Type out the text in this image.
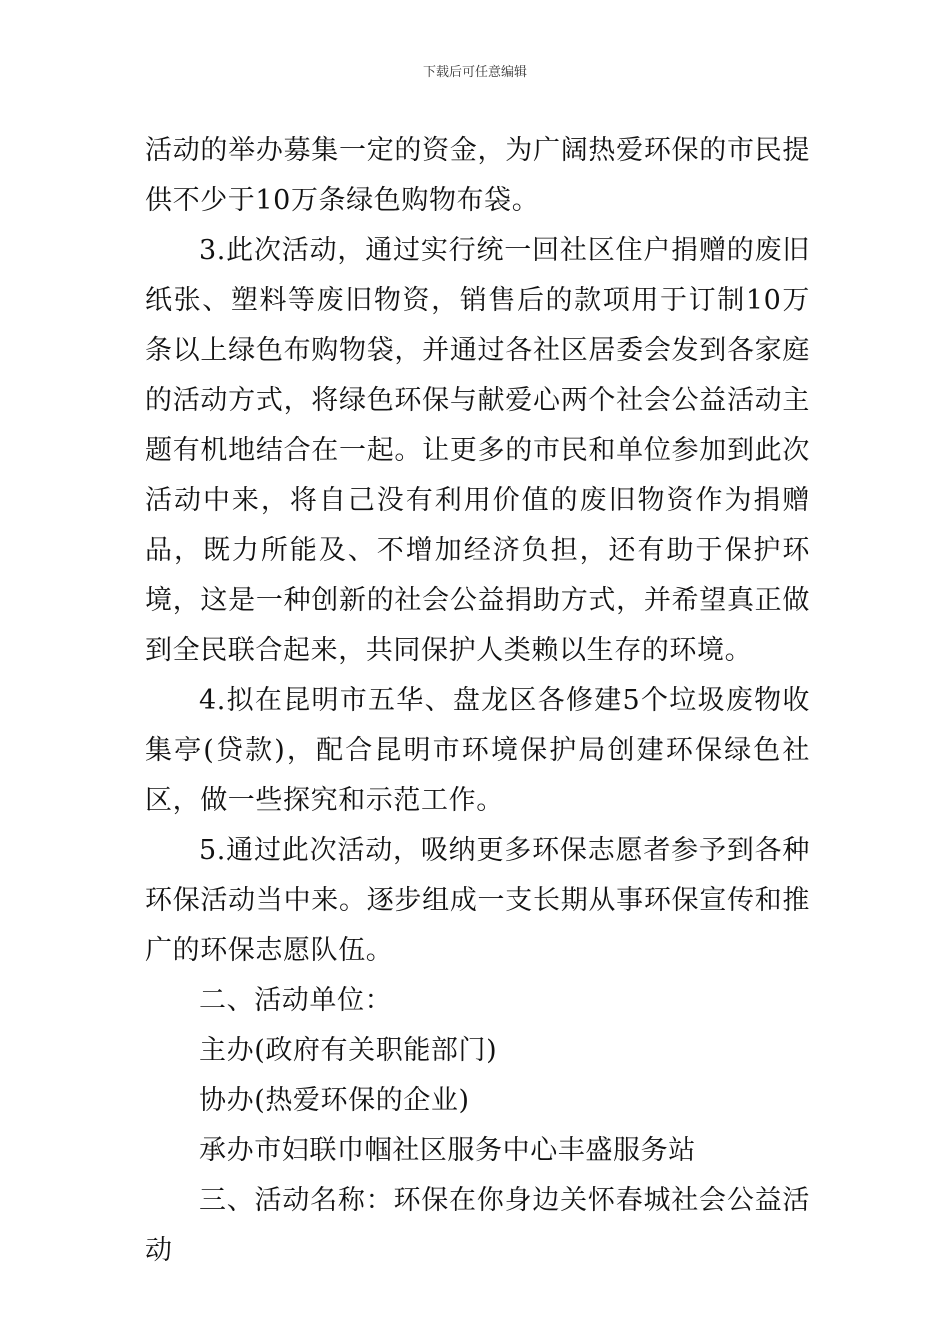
下载后可任意编辑

活动的举办募集一定的资金，为广阔热爱环保的市民提供不少于10万条绿色购物布袋。

3.此次活动，通过实行统一回社区住户捐赠的废旧纸张、塑料等废旧物资，销售后的款项用于订制10万条以上绿色布购物袋，并通过各社区居委会发到各家庭的活动方式，将绿色环保与献爱心两个社会公益活动主题有机地结合在一起。让更多的市民和单位参加到此次活动中来，将自己没有利用价值的废旧物资作为捐赠品，既力所能及、不增加经济负担，还有助于保护环境，这是一种创新的社会公益捐助方式，并希望真正做到全民联合起来，共同保护人类赖以生存的环境。

4.拟在昆明市五华、盘龙区各修建5个垃圾废物收集亭(贷款)，配合昆明市环境保护局创建环保绿色社区，做一些探究和示范工作。

5.通过此次活动，吸纳更多环保志愿者参予到各种环保活动当中来。逐步组成一支长期从事环保宣传和推广的环保志愿队伍。

二、活动单位：

主办(政府有关职能部门)

协办(热爱环保的企业)

承办市妇联巾帼社区服务中心丰盛服务站

三、活动名称：环保在你身边关怀春城社会公益活动
